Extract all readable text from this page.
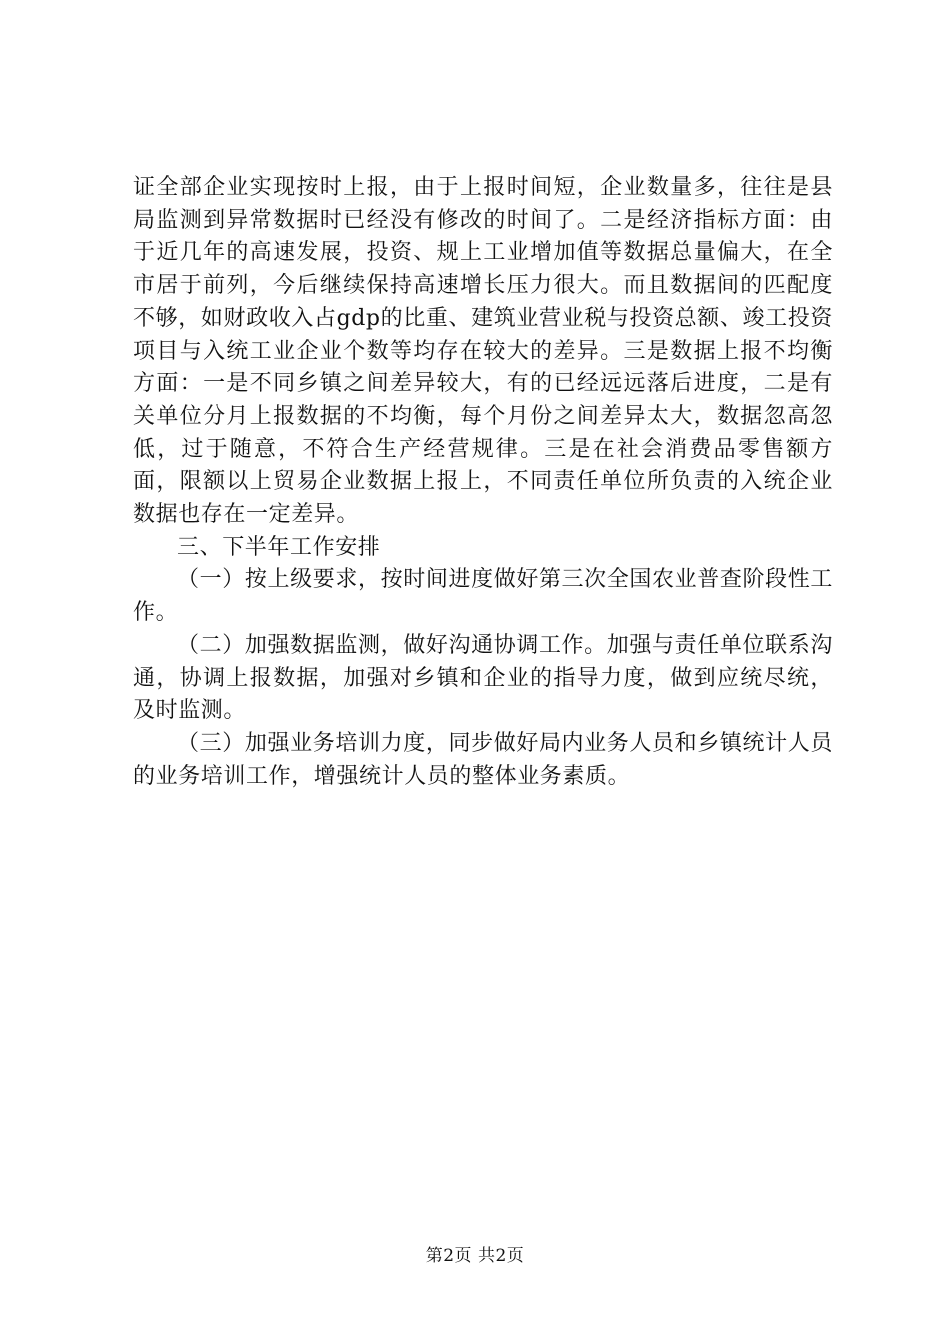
证全部企业实现按时上报，由于上报时间短，企业数量多，往往是县局监测到异常数据时已经没有修改的时间了。二是经济指标方面：由于近几年的高速发展，投资、规上工业增加值等数据总量偏大，在全市居于前列，今后继续保持高速增长压力很大。而且数据间的匹配度不够，如财政收入占gdp的比重、建筑业营业税与投资总额、竣工投资项目与入统工业企业个数等均存在较大的差异。三是数据上报不均衡方面：一是不同乡镇之间差异较大，有的已经远远落后进度，二是有关单位分月上报数据的不均衡，每个月份之间差异太大，数据忽高忽低，过于随意，不符合生产经营规律。三是在社会消费品零售额方面，限额以上贸易企业数据上报上，不同责任单位所负责的入统企业数据也存在一定差异。

三、下半年工作安排

（一）按上级要求，按时间进度做好第三次全国农业普查阶段性工作。

（二）加强数据监测，做好沟通协调工作。加强与责任单位联系沟通，协调上报数据，加强对乡镇和企业的指导力度，做到应统尽统，及时监测。

（三）加强业务培训力度，同步做好局内业务人员和乡镇统计人员的业务培训工作，增强统计人员的整体业务素质。

第2页 共2页
